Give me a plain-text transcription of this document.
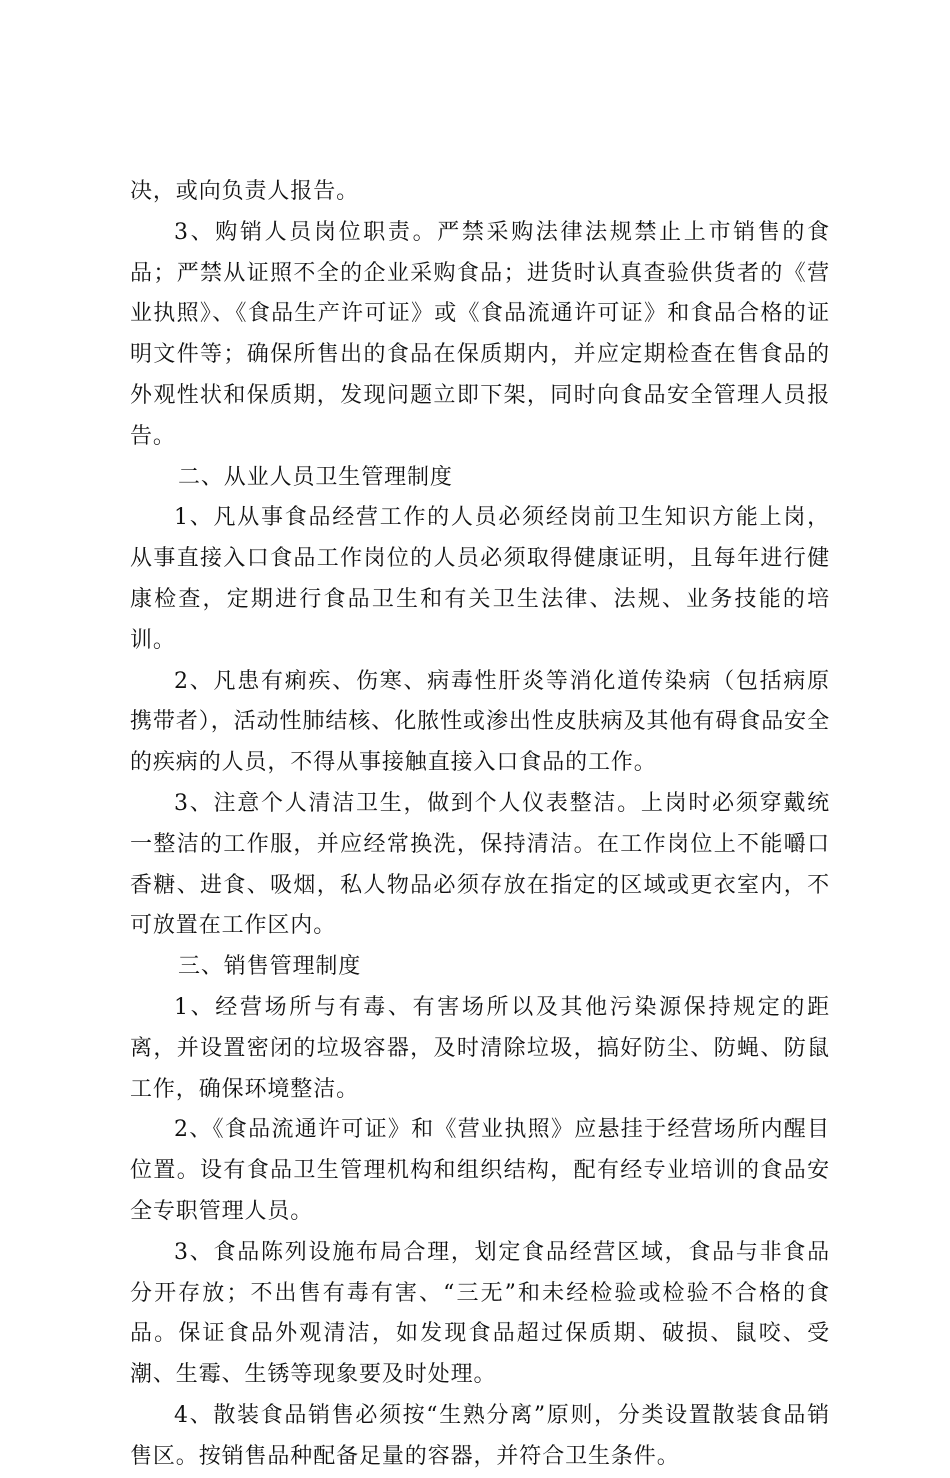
决，或向负责人报告。

3、购销人员岗位职责。严禁采购法律法规禁止上市销售的食品；严禁从证照不全的企业采购食品；进货时认真查验供货者的《营业执照》、《食品生产许可证》或《食品流通许可证》和食品合格的证明文件等；确保所售出的食品在保质期内，并应定期检查在售食品的外观性状和保质期，发现问题立即下架，同时向食品安全管理人员报告。

二、从业人员卫生管理制度

1、凡从事食品经营工作的人员必须经岗前卫生知识方能上岗，从事直接入口食品工作岗位的人员必须取得健康证明，且每年进行健康检查，定期进行食品卫生和有关卫生法律、法规、业务技能的培训。

2、凡患有痢疾、伤寒、病毒性肝炎等消化道传染病（包括病原携带者），活动性肺结核、化脓性或渗出性皮肤病及其他有碍食品安全的疾病的人员，不得从事接触直接入口食品的工作。

3、注意个人清洁卫生，做到个人仪表整洁。上岗时必须穿戴统一整洁的工作服，并应经常换洗，保持清洁。在工作岗位上不能嚼口香糖、进食、吸烟，私人物品必须存放在指定的区域或更衣室内，不可放置在工作区内。

三、销售管理制度

1、经营场所与有毒、有害场所以及其他污染源保持规定的距离，并设置密闭的垃圾容器，及时清除垃圾，搞好防尘、防蝇、防鼠工作，确保环境整洁。

2、《食品流通许可证》和《营业执照》应悬挂于经营场所内醒目位置。设有食品卫生管理机构和组织结构，配有经专业培训的食品安全专职管理人员。

3、食品陈列设施布局合理，划定食品经营区域，食品与非食品分开存放；不出售有毒有害、“三无”和未经检验或检验不合格的食品。保证食品外观清洁，如发现食品超过保质期、破损、鼠咬、受潮、生霉、生锈等现象要及时处理。

4、散装食品销售必须按“生熟分离”原则，分类设置散装食品销售区。按销售品种配备足量的容器，并符合卫生条件。
